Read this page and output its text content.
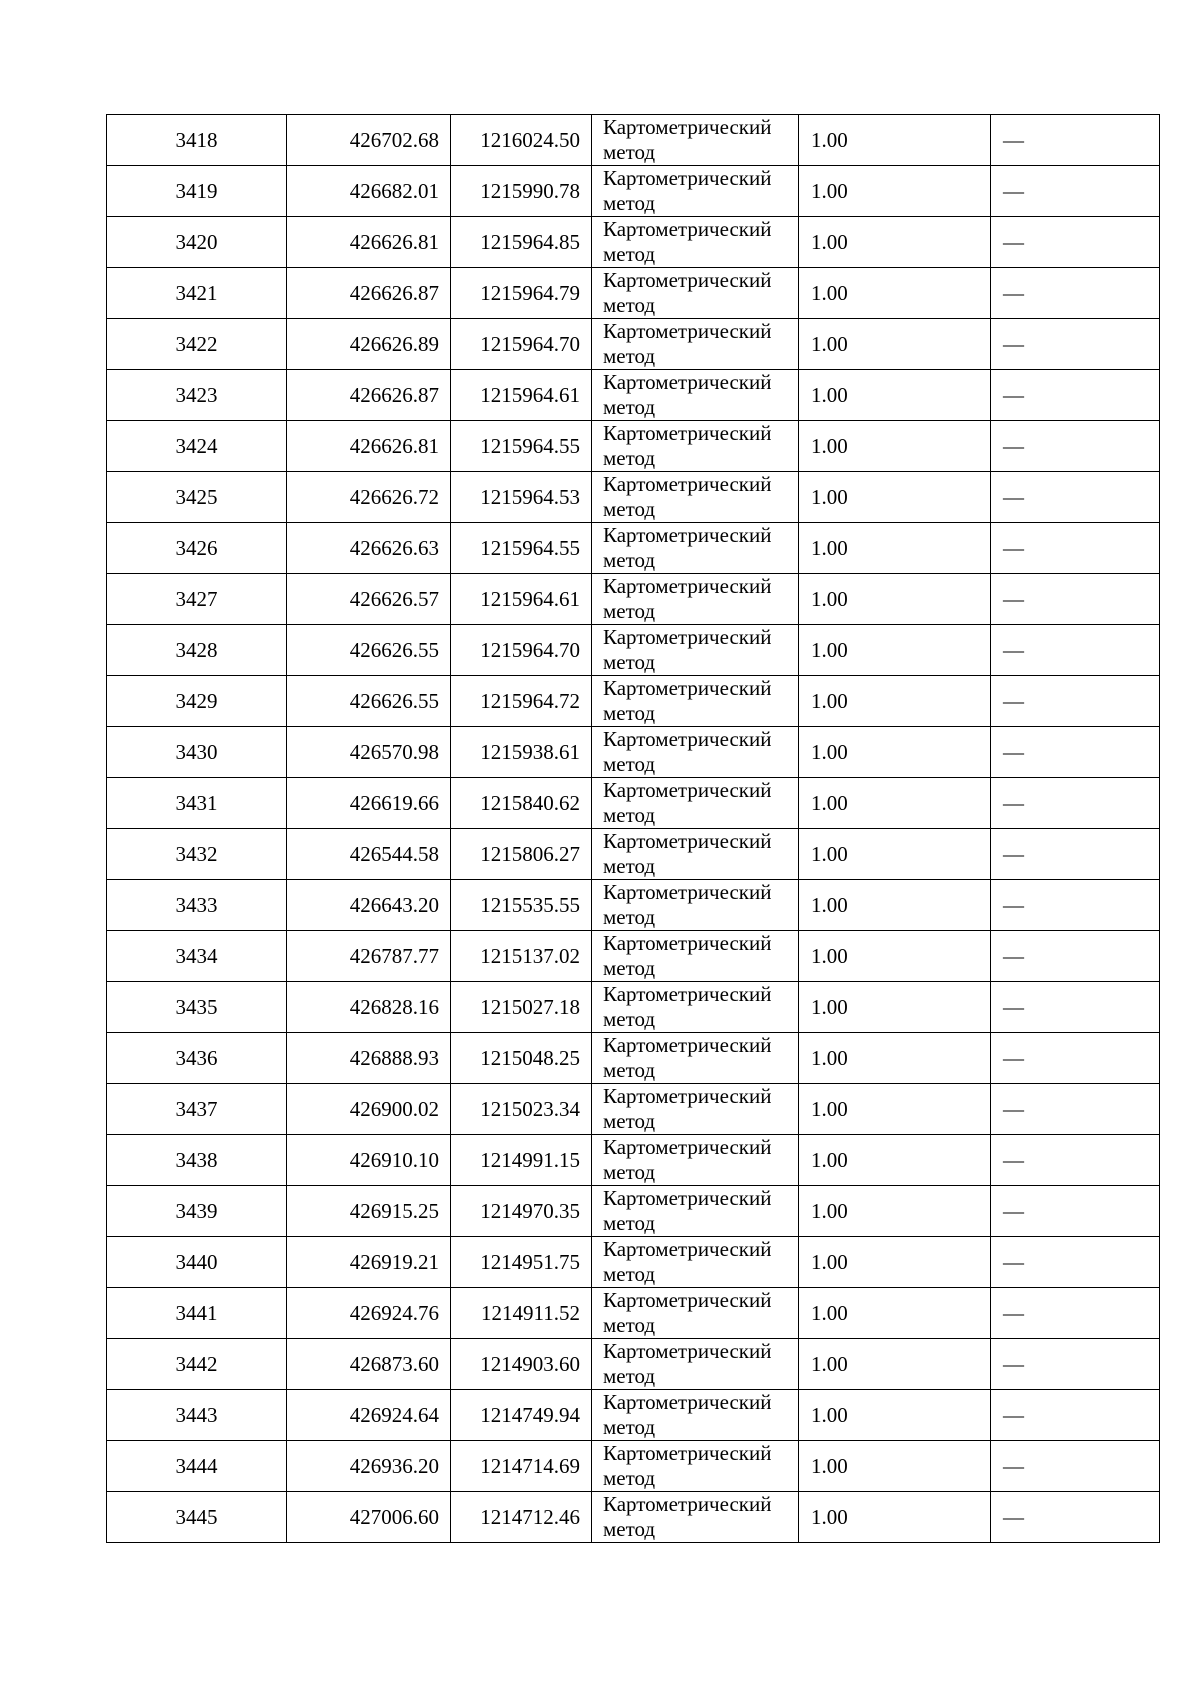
3418	426702.68	1216024.50	Картометрический
метод	1.00	—
3419	426682.01	1215990.78	Картометрический
метод	1.00	—
3420	426626.81	1215964.85	Картометрический
метод	1.00	—
3421	426626.87	1215964.79	Картометрический
метод	1.00	—
3422	426626.89	1215964.70	Картометрический
метод	1.00	—
3423	426626.87	1215964.61	Картометрический
метод	1.00	—
3424	426626.81	1215964.55	Картометрический
метод	1.00	—
3425	426626.72	1215964.53	Картометрический
метод	1.00	—
3426	426626.63	1215964.55	Картометрический
метод	1.00	—
3427	426626.57	1215964.61	Картометрический
метод	1.00	—
3428	426626.55	1215964.70	Картометрический
метод	1.00	—
3429	426626.55	1215964.72	Картометрический
метод	1.00	—
3430	426570.98	1215938.61	Картометрический
метод	1.00	—
3431	426619.66	1215840.62	Картометрический
метод	1.00	—
3432	426544.58	1215806.27	Картометрический
метод	1.00	—
3433	426643.20	1215535.55	Картометрический
метод	1.00	—
3434	426787.77	1215137.02	Картометрический
метод	1.00	—
3435	426828.16	1215027.18	Картометрический
метод	1.00	—
3436	426888.93	1215048.25	Картометрический
метод	1.00	—
3437	426900.02	1215023.34	Картометрический
метод	1.00	—
3438	426910.10	1214991.15	Картометрический
метод	1.00	—
3439	426915.25	1214970.35	Картометрический
метод	1.00	—
3440	426919.21	1214951.75	Картометрический
метод	1.00	—
3441	426924.76	1214911.52	Картометрический
метод	1.00	—
3442	426873.60	1214903.60	Картометрический
метод	1.00	—
3443	426924.64	1214749.94	Картометрический
метод	1.00	—
3444	426936.20	1214714.69	Картометрический
метод	1.00	—
3445	427006.60	1214712.46	Картометрический
метод	1.00	—
